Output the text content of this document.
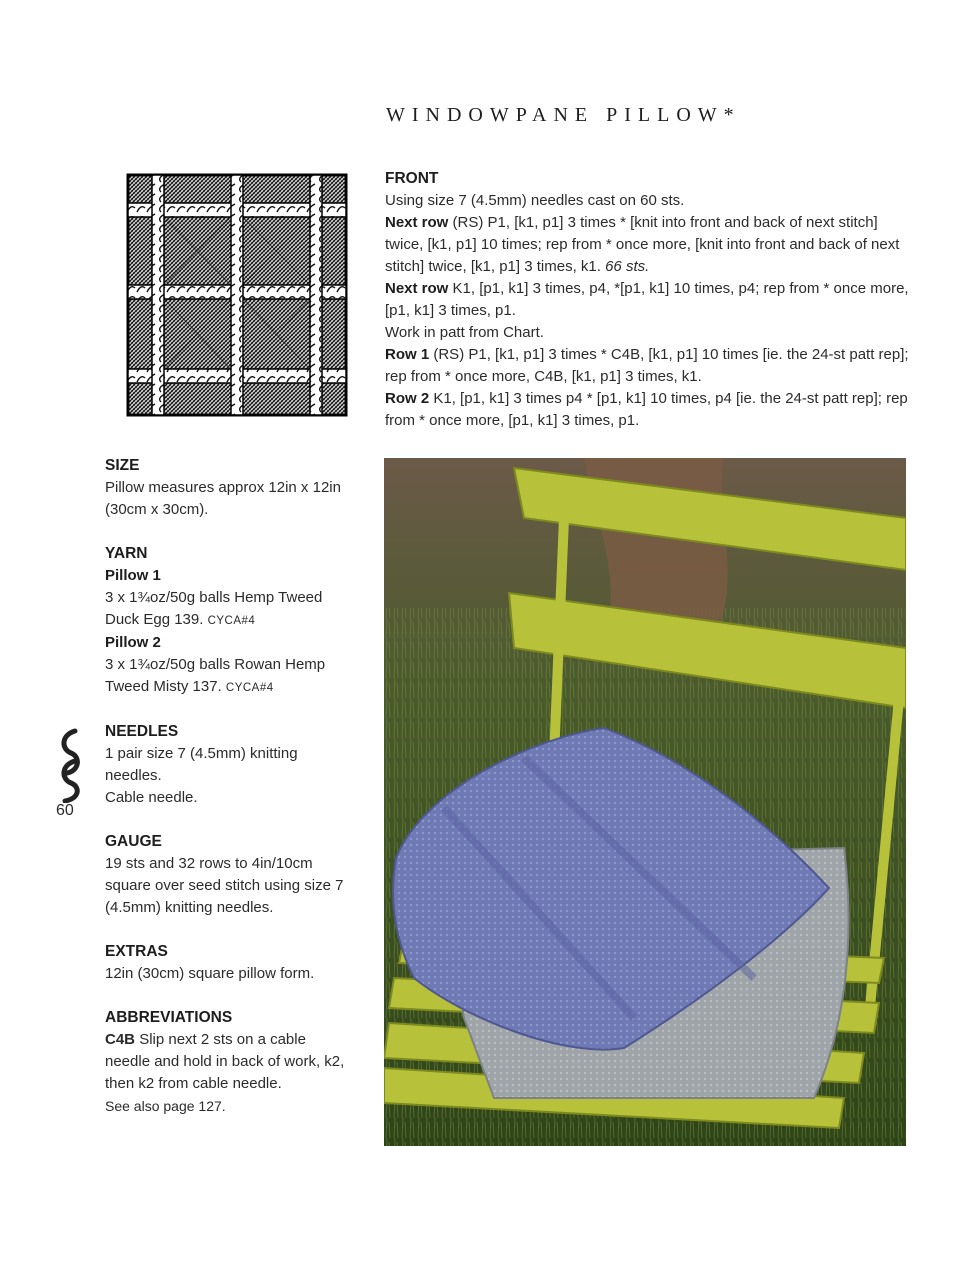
WINDOWPANE PILLOW*
FRONT

Using size 7 (4.5mm) needles cast on 60 sts.

Next row (RS) P1, [k1, p1] 3 times * [knit into front and back of next stitch] twice, [k1, p1] 10 times; rep from * once more, [knit into front and back of next stitch] twice, [k1, p1] 3 times, k1. 66 sts.

Next row K1, [p1, k1] 3 times, p4, *[p1, k1] 10 times, p4; rep from * once more, [p1, k1] 3 times, p1.

Work in patt from Chart.

Row 1 (RS) P1, [k1, p1] 3 times * C4B, [k1, p1] 10 times [ie. the 24-st patt rep]; rep from * once more, C4B, [k1, p1] 3 times, k1.

Row 2 K1, [p1, k1] 3 times p4 * [p1, k1] 10 times, p4 [ie. the 24-st patt rep]; rep from * once more, [p1, k1] 3 times, p1.

SIZE

Pillow measures approx 12in x 12in (30cm x 30cm).

YARN
Pillow 1

3 x 1¾oz/50g balls Hemp Tweed Duck Egg 139. CYCA#4

Pillow 2

3 x 1¾oz/50g balls Rowan Hemp Tweed Misty 137. CYCA#4

NEEDLES

1 pair size 7 (4.5mm) knitting needles.

Cable needle.

GAUGE

19 sts and 32 rows to 4in/10cm square over seed stitch using size 7 (4.5mm) knitting needles.

EXTRAS

12in (30cm) square pillow form.

ABBREVIATIONS

C4B Slip next 2 sts on a cable needle and hold in back of work, k2, then k2 from cable needle.

See also page 127.

60
